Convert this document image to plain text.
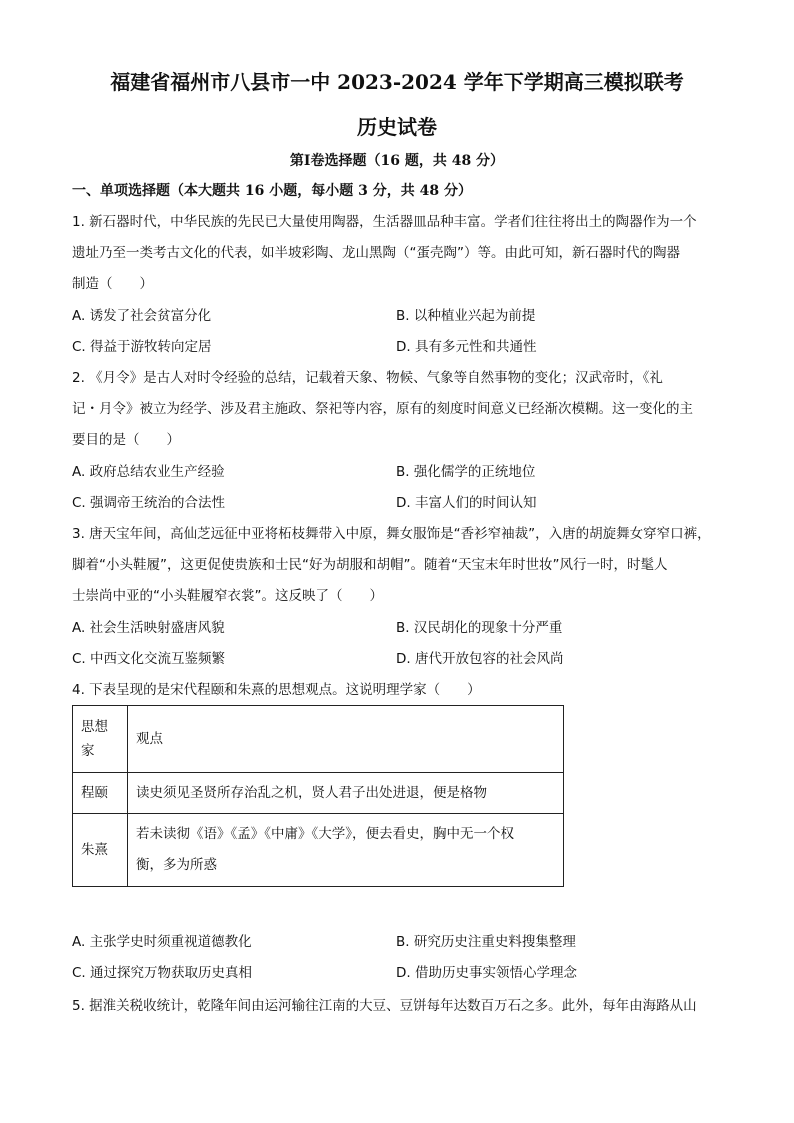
福建省福州市八县市一中 2023-2024 学年下学期高三模拟联考
历史试卷
第Ⅰ卷选择题（16 题，共 48 分）
一、单项选择题（本大题共 16 小题，每小题 3 分，共 48 分）
1. 新石器时代，中华民族的先民已大量使用陶器，生活器皿品种丰富。学者们往往将出土的陶器作为一个
遗址乃至一类考古文化的代表，如半坡彩陶、龙山黑陶（“蛋壳陶”）等。由此可知，新石器时代的陶器
制造（　　）
A. 诱发了社会贫富分化	B. 以种植业兴起为前提
C. 得益于游牧转向定居	D. 具有多元性和共通性
2. 《月令》是古人对时令经验的总结，记载着天象、物候、气象等自然事物的变化；汉武帝时，《礼
记・月令》被立为经学、涉及君主施政、祭祀等内容，原有的刻度时间意义已经渐次模糊。这一变化的主
要目的是（　　）
A. 政府总结农业生产经验	B. 强化儒学的正统地位
C. 强调帝王统治的合法性	D. 丰富人们的时间认知
3. 唐天宝年间，高仙芝远征中亚将柘枝舞带入中原，舞女服饰是“香衫窄袖裁”，入唐的胡旋舞女穿窄口裤，
脚着“小头鞋履”，这更促使贵族和士民“好为胡服和胡帽”。随着“天宝末年时世妆”风行一时，时髦人
士崇尚中亚的“小头鞋履窄衣裳”。这反映了（　　）
A. 社会生活映射盛唐风貌	B. 汉民胡化的现象十分严重
C. 中西文化交流互鉴频繁	D. 唐代开放包容的社会风尚
4. 下表呈现的是宋代程颐和朱熹的思想观点。这说明理学家（　　）
思想家	观点
程颐	读史须见圣贤所存治乱之机，贤人君子出处进退，便是格物
朱熹	若未读彻《语》《孟》《中庸》《大学》，便去看史，胸中无一个权衡，多为所惑
A. 主张学史时须重视道德教化	B. 研究历史注重史料搜集整理
C. 通过探究万物获取历史真相	D. 借助历史事实领悟心学理念
5. 据淮关税收统计，乾隆年间由运河输往江南的大豆、豆饼每年达数百万石之多。此外，每年由海路从山
